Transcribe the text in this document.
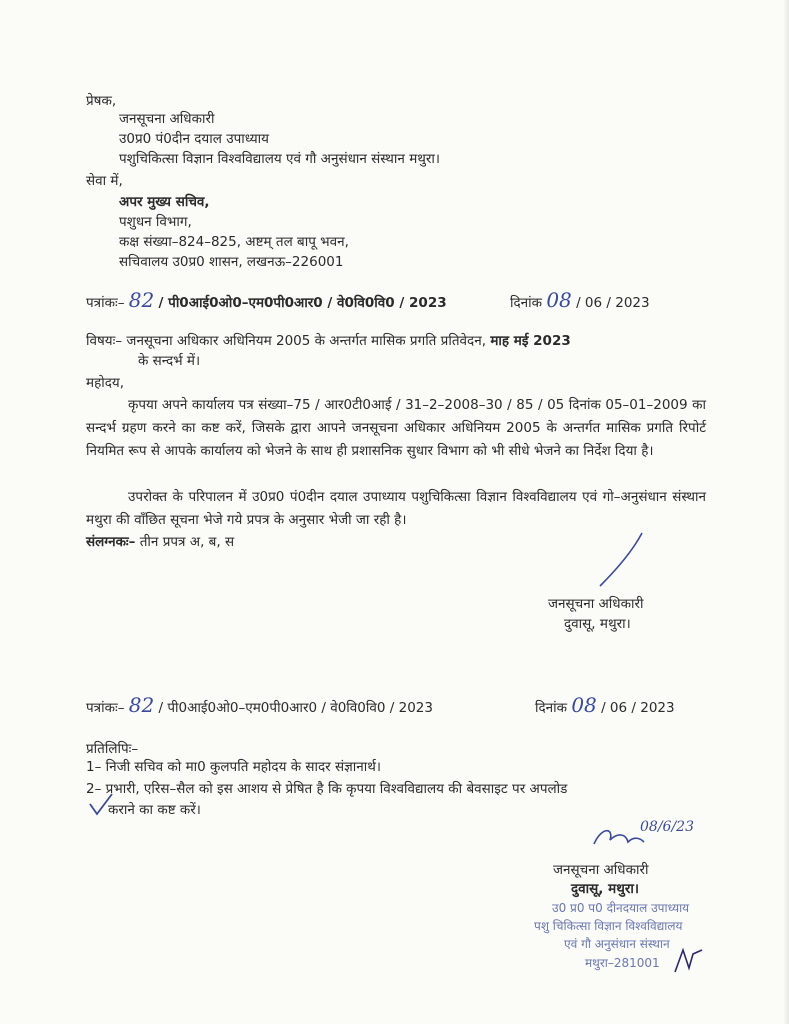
प्रेषक,
जनसूचना अधिकारी
उ0प्र0 पं0दीन दयाल उपाध्याय
पशुचिकित्सा विज्ञान विश्वविद्यालय एवं गौ अनुसंधान संस्थान मथुरा।
सेवा में,
अपर मुख्य सचिव,
पशुधन विभाग,
कक्ष संख्या–824–825, अष्टम् तल बापू भवन,
सचिवालय उ0प्र0 शासन, लखनऊ–226001
पत्रांकः– 82 / पी0आई0ओ0–एम0पी0आर0 / वे0वि0वि0 / 2023	दिनांक 08 / 06 / 2023
विषयः– जनसूचना अधिकार अधिनियम 2005 के अन्तर्गत मासिक प्रगति प्रतिवेदन, माह मई 2023
के सन्दर्भ में।
महोदय,
कृपया अपने कार्यालय पत्र संख्या–75 / आर0टी0आई / 31–2–2008–30 / 85 / 05 दिनांक 05–01–2009 का सन्दर्भ ग्रहण करने का कष्ट करें, जिसके द्वारा आपने जनसूचना अधिकार अधिनियम 2005 के अन्तर्गत मासिक प्रगति रिपोर्ट नियमित रूप से आपके कार्यालय को भेजने के साथ ही प्रशासनिक सुधार विभाग को भी सीधे भेजने का निर्देश दिया है।
उपरोक्त के परिपालन में उ0प्र0 पं0दीन दयाल उपाध्याय पशुचिकित्सा विज्ञान विश्वविद्यालय एवं गो–अनुसंधान संस्थान मथुरा की वाँछित सूचना भेजे गये प्रपत्र के अनुसार भेजी जा रही है।
संलग्नकः– तीन प्रपत्र अ, ब, स
जनसूचना अधिकारी
दुवासू, मथुरा।
पत्रांकः– 82 / पी0आई0ओ0–एम0पी0आर0 / वे0वि0वि0 / 2023	दिनांक 08 / 06 / 2023
प्रतिलिपिः–
1– निजी सचिव को मा0 कुलपति महोदय के सादर संज्ञानार्थ।
2– प्रभारी, एरिस–सैल को इस आशय से प्रेषित है कि कृपया विश्वविद्यालय की बेवसाइट पर अपलोड
कराने का कष्ट करें।
08/6/23
जनसूचना अधिकारी
दुवासू, मथुरा।
उ0 प्र0 प0 दीनदयाल उपाध्याय
पशु चिकित्सा विज्ञान विश्वविद्यालय
एवं गौ अनुसंधान संस्थान
मथुरा–281001
